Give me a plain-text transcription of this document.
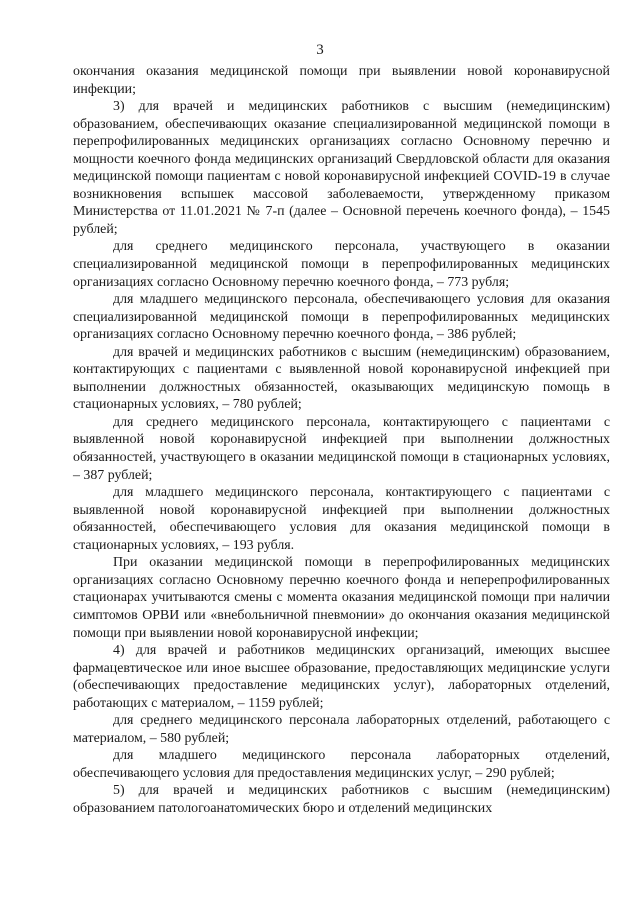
3

окончания оказания медицинской помощи при выявлении новой коронавирусной инфекции;

3) для врачей и медицинских работников с высшим (немедицинским) образованием, обеспечивающих оказание специализированной медицинской помощи в перепрофилированных медицинских организациях согласно Основному перечню и мощности коечного фонда медицинских организаций Свердловской области для оказания медицинской помощи пациентам с новой коронавирусной инфекцией COVID-19 в случае возникновения вспышек массовой заболеваемости, утвержденному приказом Министерства от 11.01.2021 № 7-п (далее – Основной перечень коечного фонда), – 1545 рублей;

для среднего медицинского персонала, участвующего в оказании специализированной медицинской помощи в перепрофилированных медицинских организациях согласно Основному перечню коечного фонда, – 773 рубля;

для младшего медицинского персонала, обеспечивающего условия для оказания специализированной медицинской помощи в перепрофилированных медицинских организациях согласно Основному перечню коечного фонда, – 386 рублей;

для врачей и медицинских работников с высшим (немедицинским) образованием, контактирующих с пациентами с выявленной новой коронавирусной инфекцией при выполнении должностных обязанностей, оказывающих медицинскую помощь в стационарных условиях, – 780 рублей;

для среднего медицинского персонала, контактирующего с пациентами с выявленной новой коронавирусной инфекцией при выполнении должностных обязанностей, участвующего в оказании медицинской помощи в стационарных условиях, – 387 рублей;

для младшего медицинского персонала, контактирующего с пациентами с выявленной новой коронавирусной инфекцией при выполнении должностных обязанностей, обеспечивающего условия для оказания медицинской помощи в стационарных условиях, – 193 рубля.

При оказании медицинской помощи в перепрофилированных медицинских организациях согласно Основному перечню коечного фонда и неперепрофилированных стационарах учитываются смены с момента оказания медицинской помощи при наличии симптомов ОРВИ или «внебольничной пневмонии» до окончания оказания медицинской помощи при выявлении новой коронавирусной инфекции;

4) для врачей и работников медицинских организаций, имеющих высшее фармацевтическое или иное высшее образование, предоставляющих медицинские услуги (обеспечивающих предоставление медицинских услуг), лабораторных отделений, работающих с материалом, – 1159 рублей;

для среднего медицинского персонала лабораторных отделений, работающего с материалом, – 580 рублей;

для младшего медицинского персонала лабораторных отделений, обеспечивающего условия для предоставления медицинских услуг, – 290 рублей;

5) для врачей и медицинских работников с высшим (немедицинским) образованием патологоанатомических бюро и отделений медицинских
